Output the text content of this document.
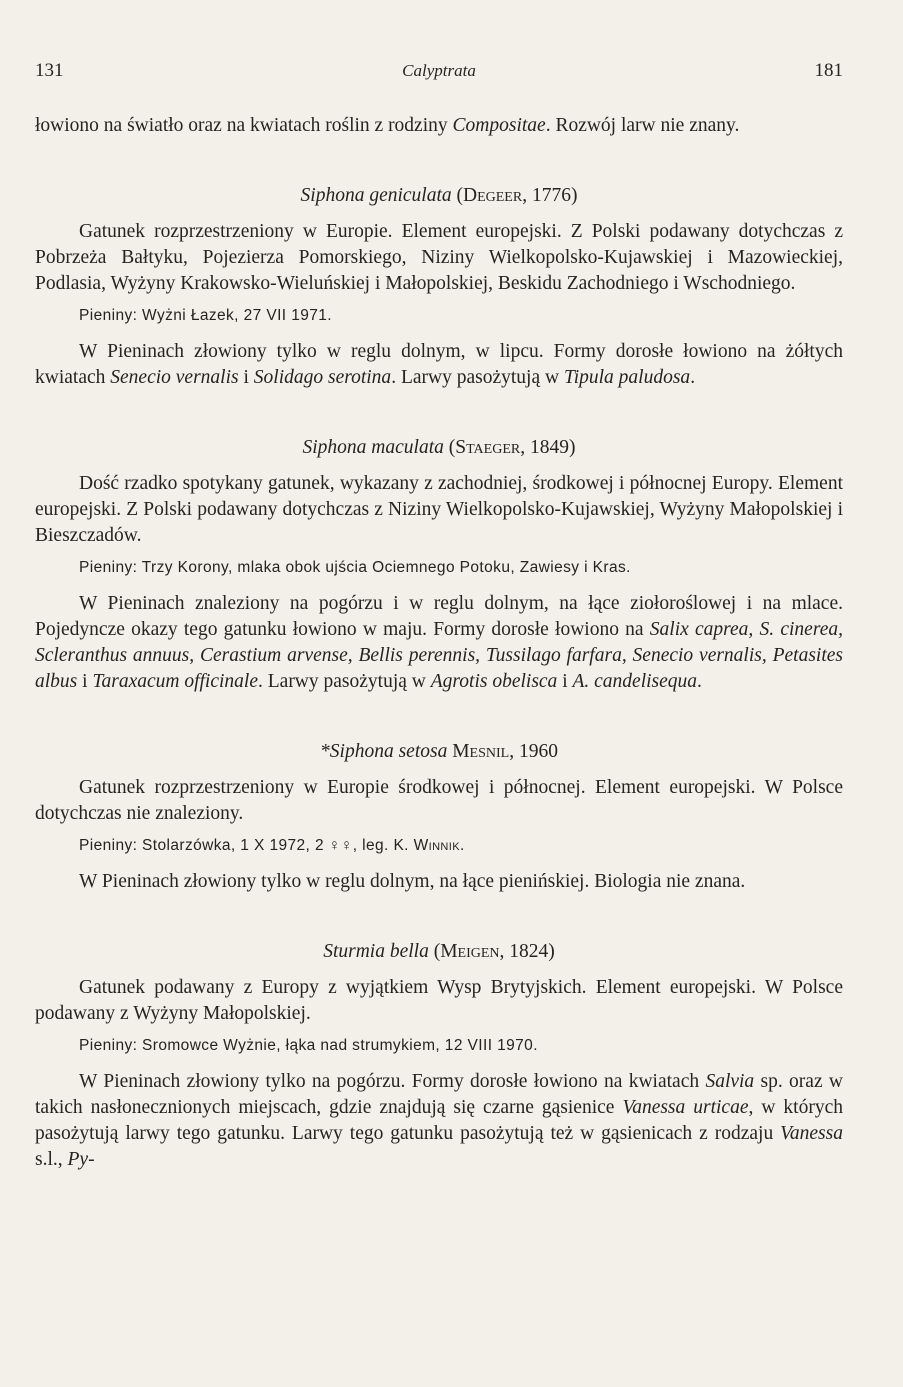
131	Calyptrata	181

łowiono na światło oraz na kwiatach roślin z rodziny Compositae. Rozwój larw nie znany.

Siphona geniculata (Degeer, 1776)

Gatunek rozprzestrzeniony w Europie. Element europejski. Z Polski podawany dotychczas z Pobrzeża Bałtyku, Pojezierza Pomorskiego, Niziny Wielkopolsko-Kujawskiej i Mazowieckiej, Podlasia, Wyżyny Krakowsko-Wieluńskiej i Małopolskiej, Beskidu Zachodniego i Wschodniego.

Pieniny: Wyżni Łazek, 27 VII 1971.

W Pieninach złowiony tylko w reglu dolnym, w lipcu. Formy dorosłe łowiono na żółtych kwiatach Senecio vernalis i Solidago serotina. Larwy pasożytują w Tipula paludosa.

Siphona maculata (Staeger, 1849)

Dość rzadko spotykany gatunek, wykazany z zachodniej, środkowej i północnej Europy. Element europejski. Z Polski podawany dotychczas z Niziny Wielkopolsko-Kujawskiej, Wyżyny Małopolskiej i Bieszczadów.

Pieniny: Trzy Korony, mlaka obok ujścia Ociemnego Potoku, Zawiesy i Kras.

W Pieninach znaleziony na pogórzu i w reglu dolnym, na łące ziołoroślowej i na mlace. Pojedyncze okazy tego gatunku łowiono w maju. Formy dorosłe łowiono na Salix caprea, S. cinerea, Scleranthus annuus, Cerastium arvense, Bellis perennis, Tussilago farfara, Senecio vernalis, Petasites albus i Taraxacum officinale. Larwy pasożytują w Agrotis obelisca i A. candelisequa.

*Siphona setosa Mesnil, 1960

Gatunek rozprzestrzeniony w Europie środkowej i północnej. Element europejski. W Polsce dotychczas nie znaleziony.

Pieniny: Stolarzówka, 1 X 1972, 2 ♀♀, leg. K. Winnik.

W Pieninach złowiony tylko w reglu dolnym, na łące pienińskiej. Biologia nie znana.

Sturmia bella (Meigen, 1824)

Gatunek podawany z Europy z wyjątkiem Wysp Brytyjskich. Element europejski. W Polsce podawany z Wyżyny Małopolskiej.

Pieniny: Sromowce Wyżnie, łąka nad strumykiem, 12 VIII 1970.

W Pieninach złowiony tylko na pogórzu. Formy dorosłe łowiono na kwiatach Salvia sp. oraz w takich nasłonecznionych miejscach, gdzie znajdują się czarne gąsienice Vanessa urticae, w których pasożytują larwy tego gatunku. Larwy tego gatunku pasożytują też w gąsienicach z rodzaju Vanessa s.l., Py-
